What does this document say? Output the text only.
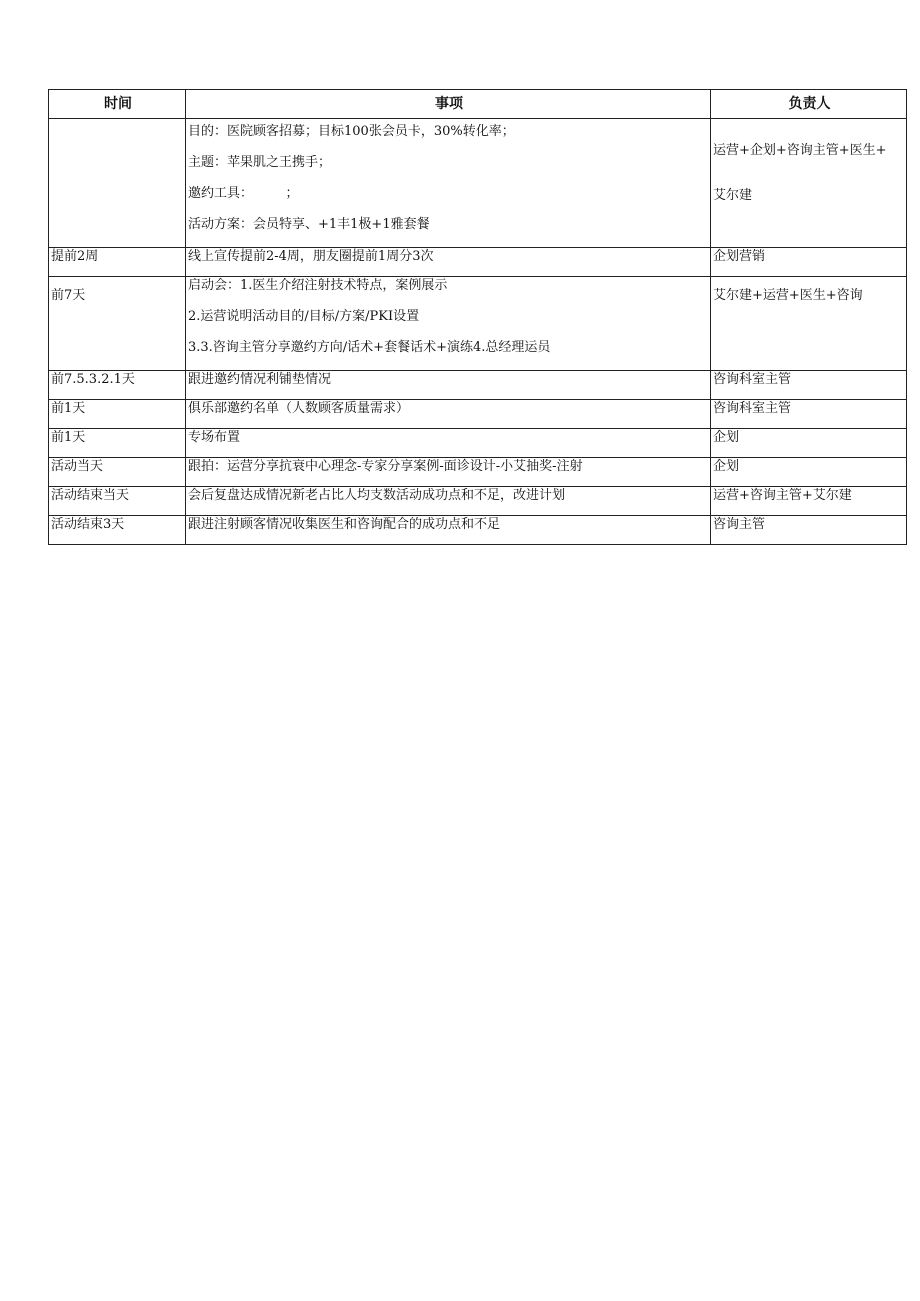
时间	事项	负责人

	目的：医院顾客招募；目标100张会员卡，30%转化率；
主题：苹果肌之王携手；
邀约工具：　　　；
活动方案：会员特享、+1丰1极+1雅套餐	运营+企划+咨询主管+医生+
艾尔建

提前2周	线上宣传提前2-4周，朋友圈提前1周分3次	企划营销
前7天	启动会：1.医生介绍注射技术特点，案例展示
2.运营说明活动目的/目标/方案/PKI设置
3.3.咨询主管分享邀约方向/话术+套餐话术+演练4.总经理运员	艾尔建+运营+医生+咨询
前7.5.3.2.1天	跟进邀约情况利铺垫情况	咨询科室主管
前1天	俱乐部邀约名单（人数顾客质量需求）	咨询科室主管
前1天	专场布置	企划
活动当天	跟拍：运营分享抗衰中心理念-专家分享案例-面诊设计-小艾抽奖-注射	企划
活动结束当天	会后复盘达成情况新老占比人均支数活动成功点和不足，改进计划	运营+咨询主管+艾尔建
活动结束3天	跟进注射顾客情况收集医生和咨询配合的成功点和不足	咨询主管
